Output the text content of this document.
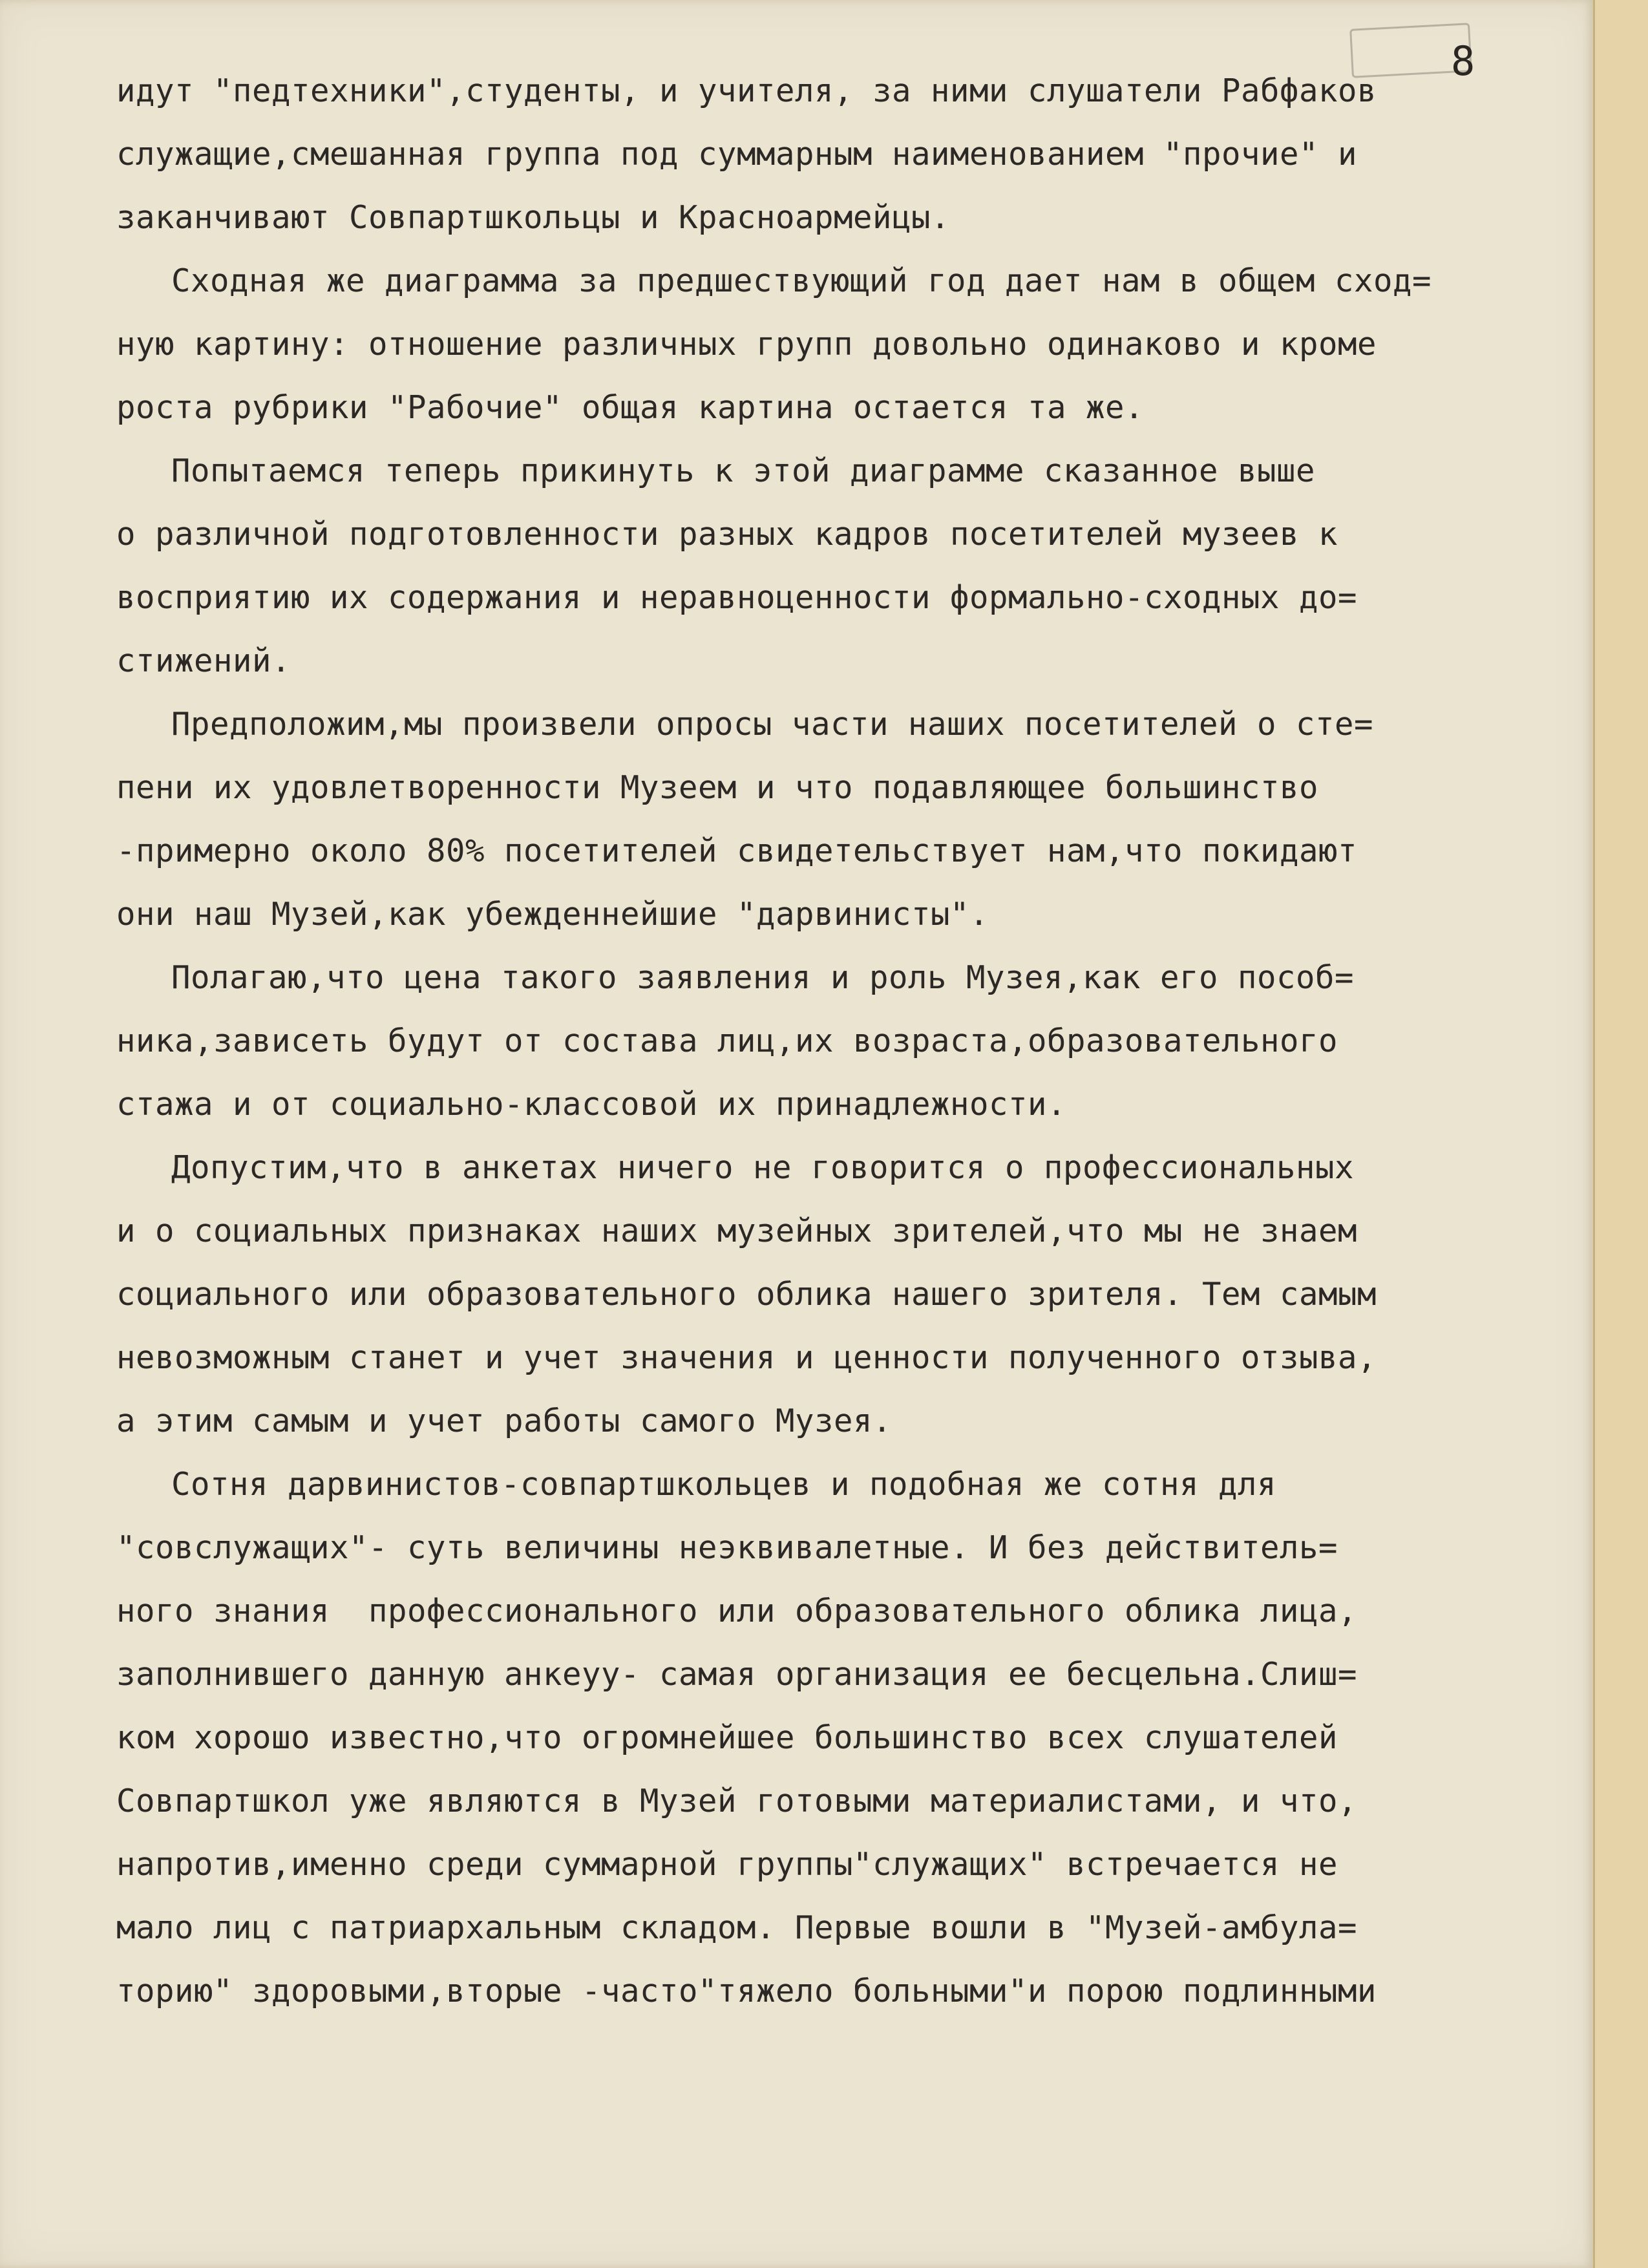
8

идут "педтехники",студенты, и учителя, за ними слушатели Рабфаков

служащие,смешанная группа под суммарным наименованием "прочие" и

заканчивают Совпартшкольцы и Красноармейцы.

Сходная же диаграмма за предшествующий год дает нам в общем сход=

ную картину: отношение различных групп довольно одинаково и кроме

роста рубрики "Рабочие" общая картина остается та же.

Попытаемся теперь прикинуть к этой диаграмме сказанное выше

о различной подготовленности разных кадров посетителей музеев к

восприятию их содержания и неравноценности формально-сходных до=

стижений.

Предположим,мы произвели опросы части наших посетителей о сте=

пени их удовлетворенности Музеем и что подавляющее большинство

-примерно около 80% посетителей свидетельствует нам,что покидают

они наш Музей,как убежденнейшие "дарвинисты".

Полагаю,что цена такого заявления и роль Музея,как его пособ=

ника,зависеть будут от состава лиц,их возраста,образовательного

стажа и от социально-классовой их принадлежности.

Допустим,что в анкетах ничего не говорится о профессиональных

и о социальных признаках наших музейных зрителей,что мы не знаем

социального или образовательного облика нашего зрителя. Тем самым

невозможным станет и учет значения и ценности полученного отзыва,

а этим самым и учет работы самого Музея.

Сотня дарвинистов-совпартшкольцев и подобная же сотня для

"совслужащих"- суть величины неэквивалетные. И без действитель=

ного знания  профессионального или образовательного облика лица,

заполнившего данную анкеуу- самая организация ее бесцельна.Слиш=

ком хорошо известно,что огромнейшее большинство всех слушателей

Совпартшкол уже являются в Музей готовыми материалистами, и что,

напротив,именно среди суммарной группы"служащих" встречается не

мало лиц с патриархальным складом. Первые вошли в "Музей-амбула=

торию" здоровыми,вторые -часто"тяжело больными"и порою подлинными
